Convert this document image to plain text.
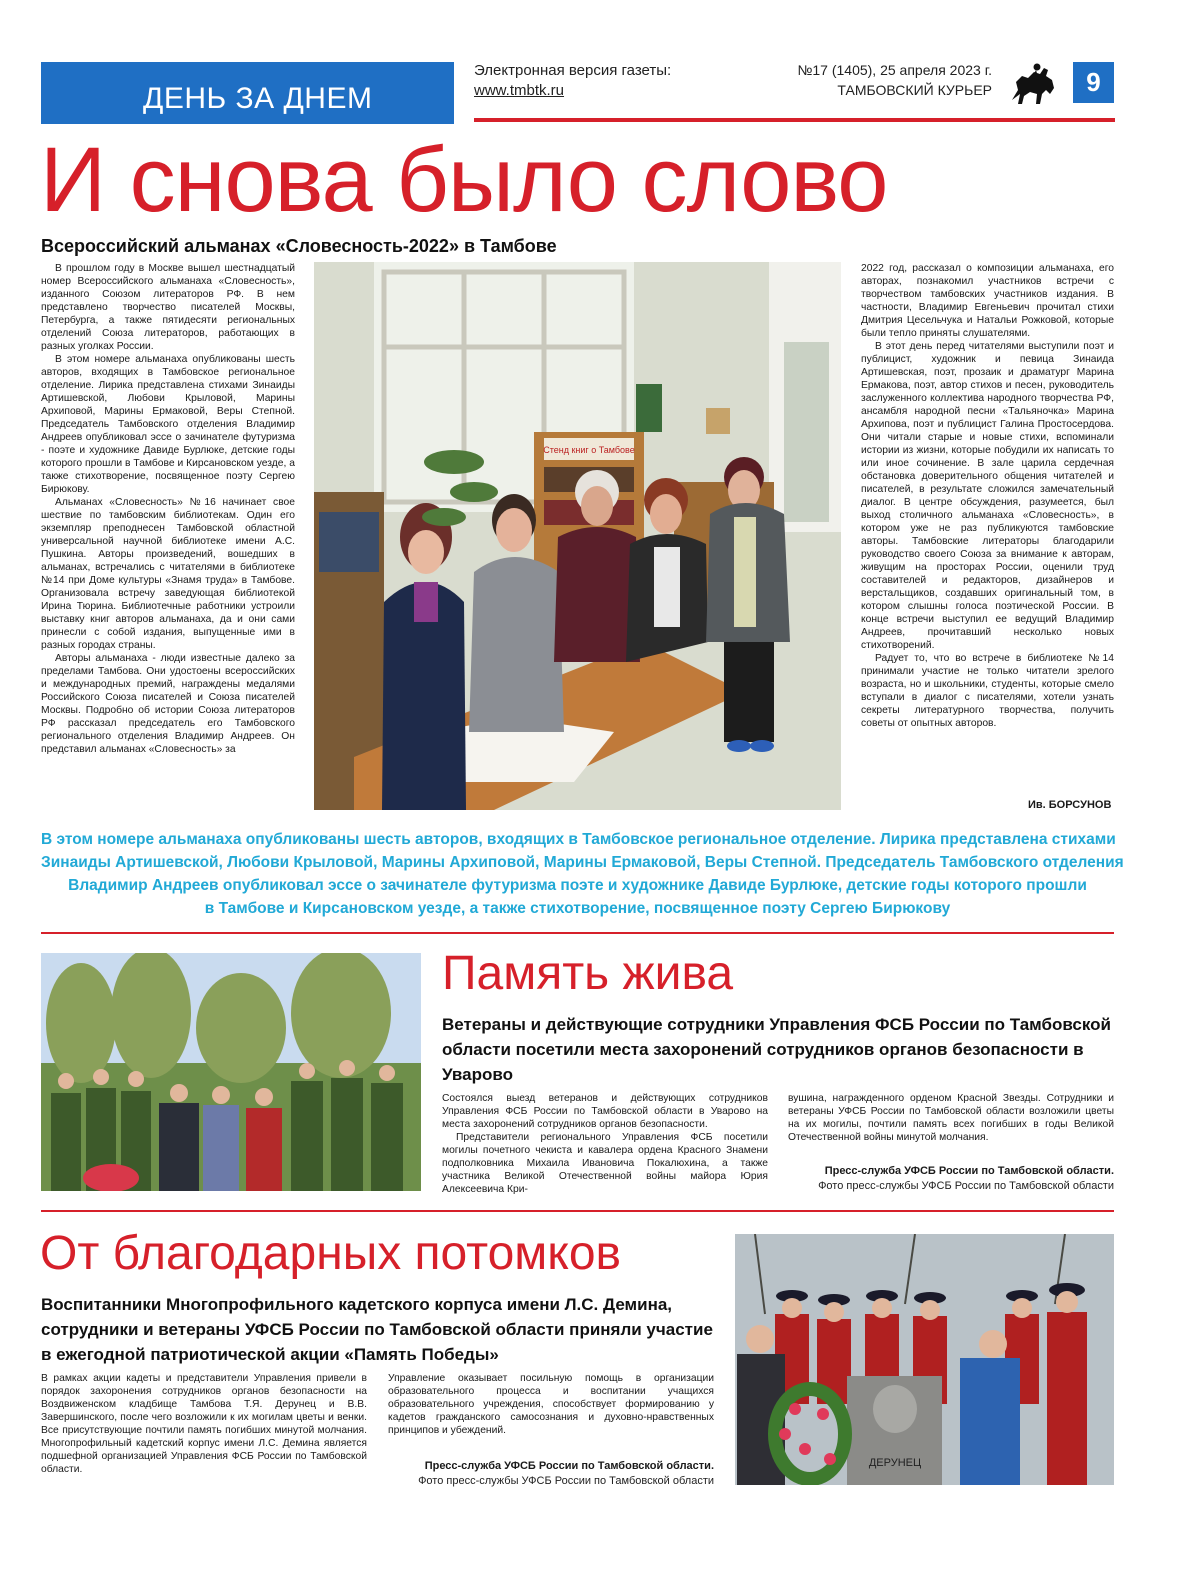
ДЕНЬ ЗА ДНЕМ
Электронная версия газеты:
www.tmbtk.ru
№17 (1405), 25 апреля 2023 г.
ТАМБОВСКИЙ КУРЬЕР	9
И снова было слово
Всероссийский альманах «Словесность-2022» в Тамбове

В прошлом году в Москве вышел шестнадцатый номер Всероссийского альманаха «Словесность», изданного Союзом литераторов РФ. В нем представлено творчество писателей Москвы, Петербурга, а также пятидесяти региональных отделений Союза литераторов, работающих в разных уголках России.

В этом номере альманаха опубликованы шесть авторов, входящих в Тамбовское региональное отделение. Лирика представлена стихами Зинаиды Артишевской, Любови Крыловой, Марины Архиповой, Марины Ермаковой, Веры Степной. Председатель Тамбовского отделения Владимир Андреев опубликовал эссе о зачинателе футуризма - поэте и художнике Давиде Бурлюке, детские годы которого прошли в Тамбове и Кирсановском уезде, а также стихотворение, посвященное поэту Сергею Бирюкову.

Альманах «Словесность» №16 начинает свое шествие по тамбовским библиотекам. Один его экземпляр преподнесен Тамбовской областной универсальной научной библиотеке имени А.С. Пушкина. Авторы произведений, вошедших в альманах, встречались с читателями в библиотеке №14 при Доме культуры «Знамя труда» в Тамбове. Организовала встречу заведующая библиотекой Ирина Тюрина. Библиотечные работники устроили выставку книг авторов альманаха, да и они сами принесли с собой издания, выпущенные ими в разных городах страны.

Авторы альманаха - люди известные далеко за пределами Тамбова. Они удостоены всероссийских и международных премий, награждены медалями Российского Союза писателей и Союза писателей Москвы. Подробно об истории Союза литераторов РФ рассказал председатель его Тамбовского регионального отделения Владимир Андреев. Он представил альманах «Словесность» за

Стенд книг о Тамбове

2022 год, рассказал о композиции альманаха, его авторах, познакомил участников встречи с творчеством тамбовских участников издания. В частности, Владимир Евгеньевич прочитал стихи Дмитрия Цесельчука и Натальи Рожковой, которые были тепло приняты слушателями.

В этот день перед читателями выступили поэт и публицист, художник и певица Зинаида Артишевская, поэт, прозаик и драматург Марина Ермакова, поэт, автор стихов и песен, руководитель заслуженного коллектива народного творчества РФ, ансамбля народной песни «Тальяночка» Марина Архипова, поэт и публицист Галина Простосердова. Они читали старые и новые стихи, вспоминали истории из жизни, которые побудили их написать то или иное сочинение. В зале царила сердечная обстановка доверительного общения читателей и писателей, в результате сложился замечательный диалог. В центре обсуждения, разумеется, был выход столичного альманаха «Словесность», в котором уже не раз публикуются тамбовские авторы. Тамбовские литераторы благодарили руководство своего Союза за внимание к авторам, живущим на просторах России, оценили труд составителей и редакторов, дизайнеров и верстальщиков, создавших оригинальный том, в котором слышны голоса поэтической России. В конце встречи выступил ее ведущий Владимир Андреев, прочитавший несколько новых стихотворений.

Радует то, что во встрече в библиотеке №14 принимали участие не только читатели зрелого возраста, но и школьники, студенты, которые смело вступали в диалог с писателями, хотели узнать секреты литературного творчества, получить советы от опытных авторов.

Ив. БОРСУНОВ
В этом номере альманаха опубликованы шесть авторов, входящих в Тамбовское региональное отделение. Лирика представлена стихами
Зинаиды Артишевской, Любови Крыловой, Марины Архиповой, Марины Ермаковой, Веры Степной. Председатель Тамбовского отделения
Владимир Андреев опубликовал эссе о зачинателе футуризма поэте и художнике Давиде Бурлюке, детские годы которого прошли
в Тамбове и Кирсановском уезде, а также стихотворение, посвященное поэту Сергею Бирюкову
Память жива
Ветераны и действующие сотрудники Управления ФСБ России по Тамбовской области посетили места захоронений сотрудников органов безопасности в Уварово

Состоялся выезд ветеранов и действующих сотрудников Управления ФСБ России по Тамбовской области в Уварово на места захоронений сотрудников органов безопасности.

Представители регионального Управления ФСБ посетили могилы почетного чекиста и кавалера ордена Красного Знамени подполковника Михаила Ивановича Покалюхина, а также участника Великой Отечественной войны майора Юрия Алексеевича Кри-

вушина, награжденного орденом Красной Звезды. Сотрудники и ветераны УФСБ России по Тамбовской области возложили цветы на их могилы, почтили память всех погибших в годы Великой Отечественной войны минутой молчания.

Пресс-служба УФСБ России по Тамбовской области.
Фото пресс-службы УФСБ России по Тамбовской области
От благодарных потомков
Воспитанники Многопрофильного кадетского корпуса имени Л.С. Демина, сотрудники и ветераны УФСБ России по Тамбовской области приняли участие в ежегодной патриотической акции «Память Победы»

В рамках акции кадеты и представители Управления привели в порядок захоронения сотрудников органов безопасности на Воздвиженском кладбище Тамбова Т.Я. Дерунец и В.В. Завершинского, после чего возложили к их могилам цветы и венки. Все присутствующие почтили память погибших минутой молчания. Многопрофильный кадетский корпус имени Л.С. Демина является подшефной организацией Управления ФСБ России по Тамбовской области.

Управление оказывает посильную помощь в организации образовательного процесса и воспитании учащихся образовательного учреждения, способствует формированию у кадетов гражданского самосознания и духовно-нравственных принципов и убеждений.

Пресс-служба УФСБ России по Тамбовской области.
Фото пресс-службы УФСБ России по Тамбовской области
ДЕРУНЕЦ
